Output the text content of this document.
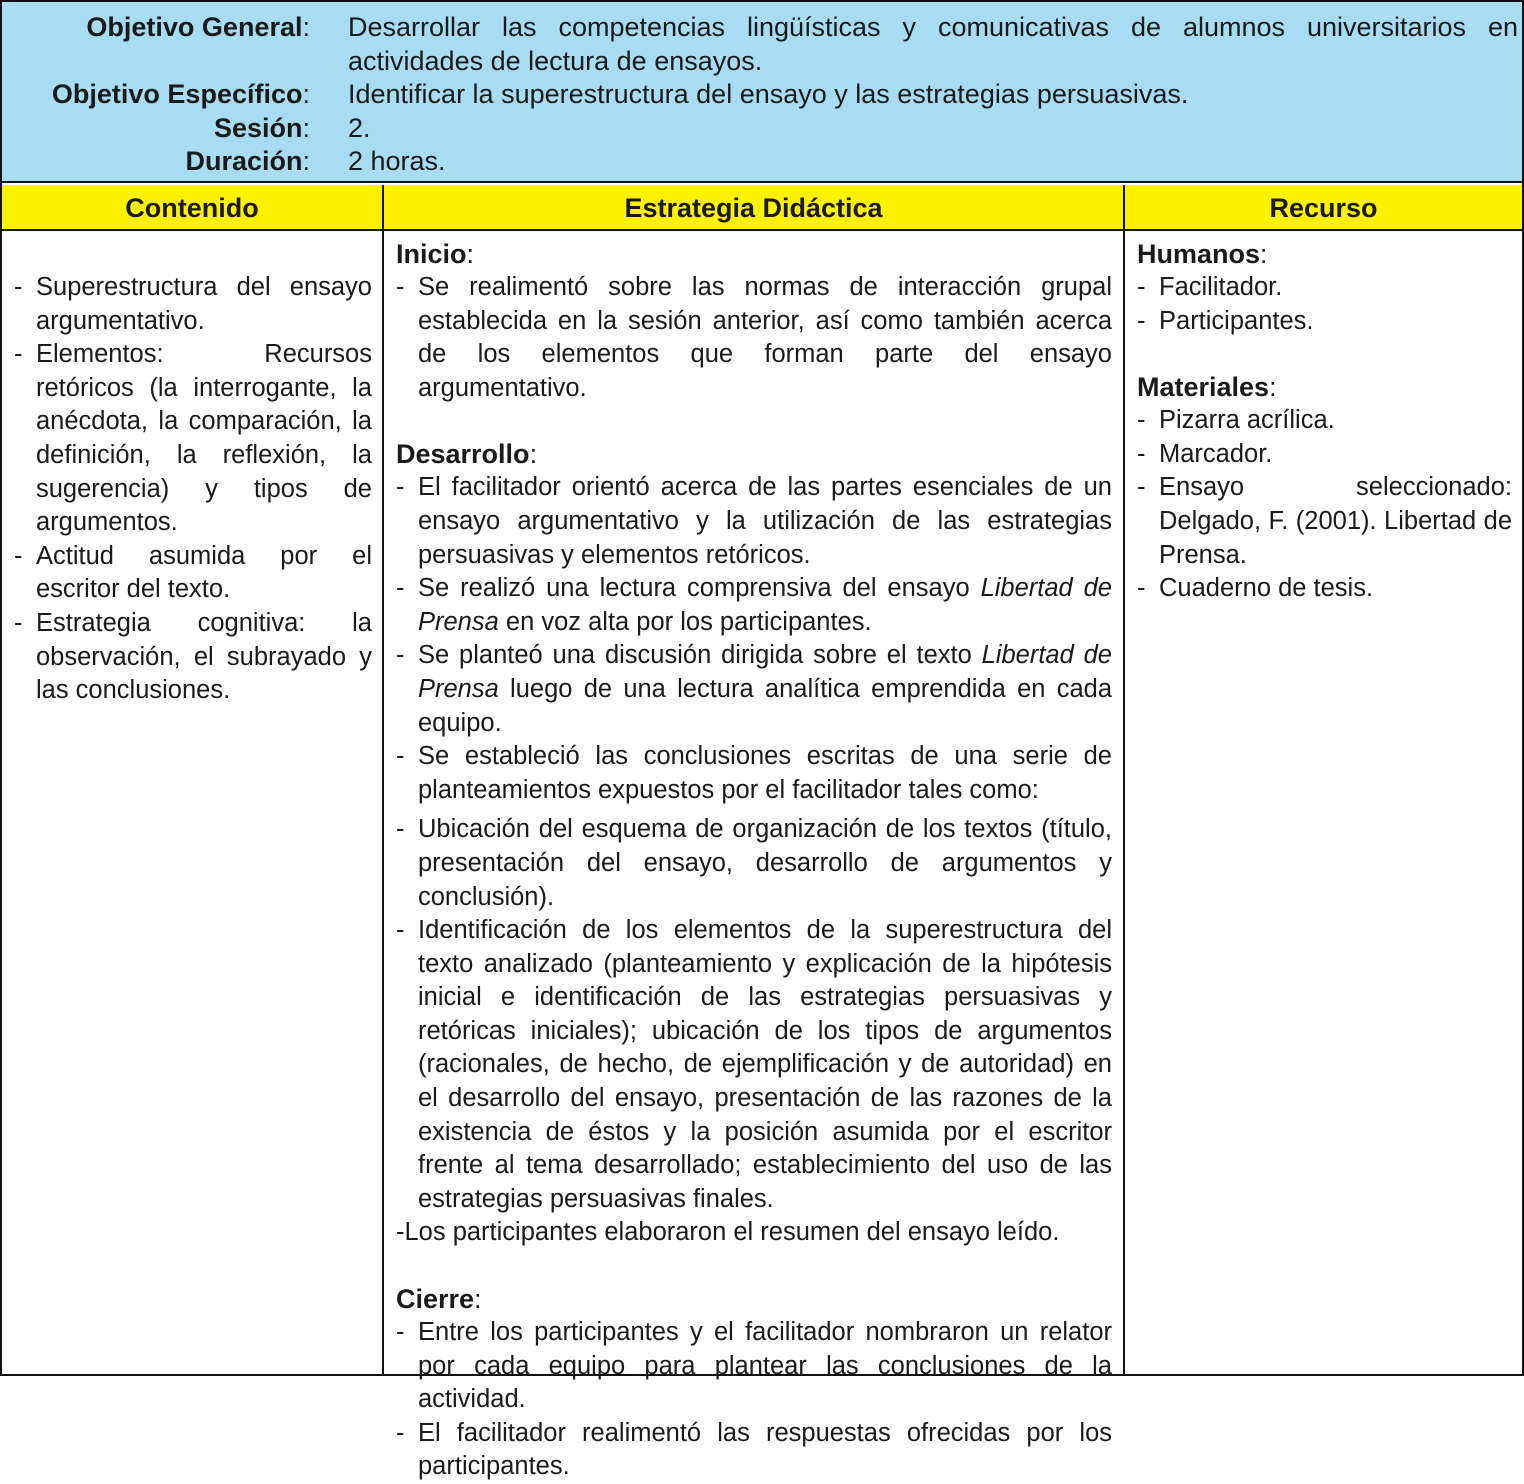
Objetivo General: Desarrollar las competencias lingüísticas y comunicativas de alumnos universitarios en actividades de lectura de ensayos.
Objetivo Específico: Identificar la superestructura del ensayo y las estrategias persuasivas.
Sesión: 2.
Duración: 2 horas.
Contenido	Estrategia Didáctica	Recurso
- Superestructura del ensayo argumentativo.
- Elementos: Recursos retóricos (la interrogante, la anécdota, la comparación, la definición, la reflexión, la sugerencia) y tipos de argumentos.
- Actitud asumida por el escritor del texto.
- Estrategia cognitiva: la observación, el subrayado y las conclusiones.
Inicio:
- Se realimentó sobre las normas de interacción grupal establecida en la sesión anterior, así como también acerca de los elementos que forman parte del ensayo argumentativo.
Desarrollo:
- El facilitador orientó acerca de las partes esenciales de un ensayo argumentativo y la utilización de las estrategias persuasivas y elementos retóricos.
- Se realizó una lectura comprensiva del ensayo Libertad de Prensa en voz alta por los participantes.
- Se planteó una discusión dirigida sobre el texto Libertad de Prensa luego de una lectura analítica emprendida en cada equipo.
- Se estableció las conclusiones escritas de una serie de planteamientos expuestos por el facilitador tales como:
- Ubicación del esquema de organización de los textos (título, presentación del ensayo, desarrollo de argumentos y conclusión).
- Identificación de los elementos de la superestructura del texto analizado (planteamiento y explicación de la hipótesis inicial e identificación de las estrategias persuasivas y retóricas iniciales); ubicación de los tipos de argumentos (racionales, de hecho, de ejemplificación y de autoridad) en el desarrollo del ensayo, presentación de las razones de la existencia de éstos y la posición asumida por el escritor frente al tema desarrollado; establecimiento del uso de las estrategias persuasivas finales.
-Los participantes elaboraron el resumen del ensayo leído.
Cierre:
- Entre los participantes y el facilitador nombraron un relator por cada equipo para plantear las conclusiones de la actividad.
- El facilitador realimentó las respuestas ofrecidas por los participantes.
Humanos:
- Facilitador.
- Participantes.
Materiales:
- Pizarra acrílica.
- Marcador.
- Ensayo seleccionado: Delgado, F. (2001). Libertad de Prensa.
- Cuaderno de tesis.
